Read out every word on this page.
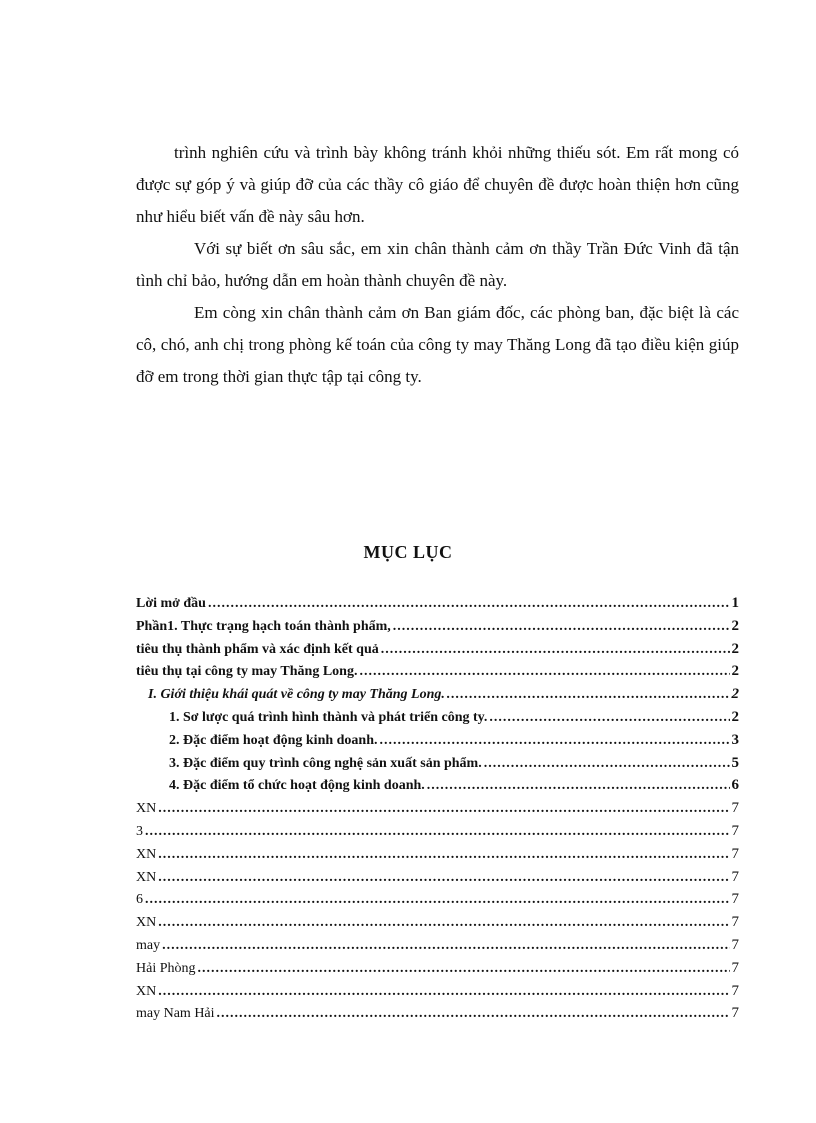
trình nghiên cứu và trình bày không tránh khỏi những thiếu sót. Em rất mong có được sự góp ý và giúp đỡ của các thầy cô giáo để chuyên đề được hoàn thiện hơn cũng như hiểu biết vấn đề này sâu hơn.

Với sự biết ơn sâu sắc, em xin chân thành cảm ơn thầy Trần Đức Vinh đã tận tình chỉ bảo, hướng dẫn em hoàn thành chuyên đề này.

Em còng xin chân thành cảm ơn Ban giám đốc, các phòng ban, đặc biệt là các cô, chó, anh chị trong phòng kế toán của công ty may Thăng Long đã tạo điều kiện giúp đỡ em trong thời gian thực tập tại công ty.

MỤC LỤC
Lời mở đầu .....	1
Phần1. Thực trạng hạch toán thành phẩm, .....	2
tiêu thụ thành phẩm và xác định kết quả .....	2
tiêu thụ tại công ty may Thăng Long. .....	2
I. Giới thiệu khái quát về công ty may Thăng Long. .....	2
1. Sơ lược quá trình hình thành và phát triển công ty. .....	2
2. Đặc điểm hoạt động kinh doanh. .....	3
3. Đặc điểm quy trình công nghệ sản xuất sản phẩm. .....	5
4. Đặc điểm tổ chức hoạt động kinh doanh. .....	6
XN .....	7
3 .....	7
XN .....	7
XN .....	7
6 .....	7
XN .....	7
may .....	7
Hải Phòng .....	7
XN .....	7
may Nam Hải .....	7
